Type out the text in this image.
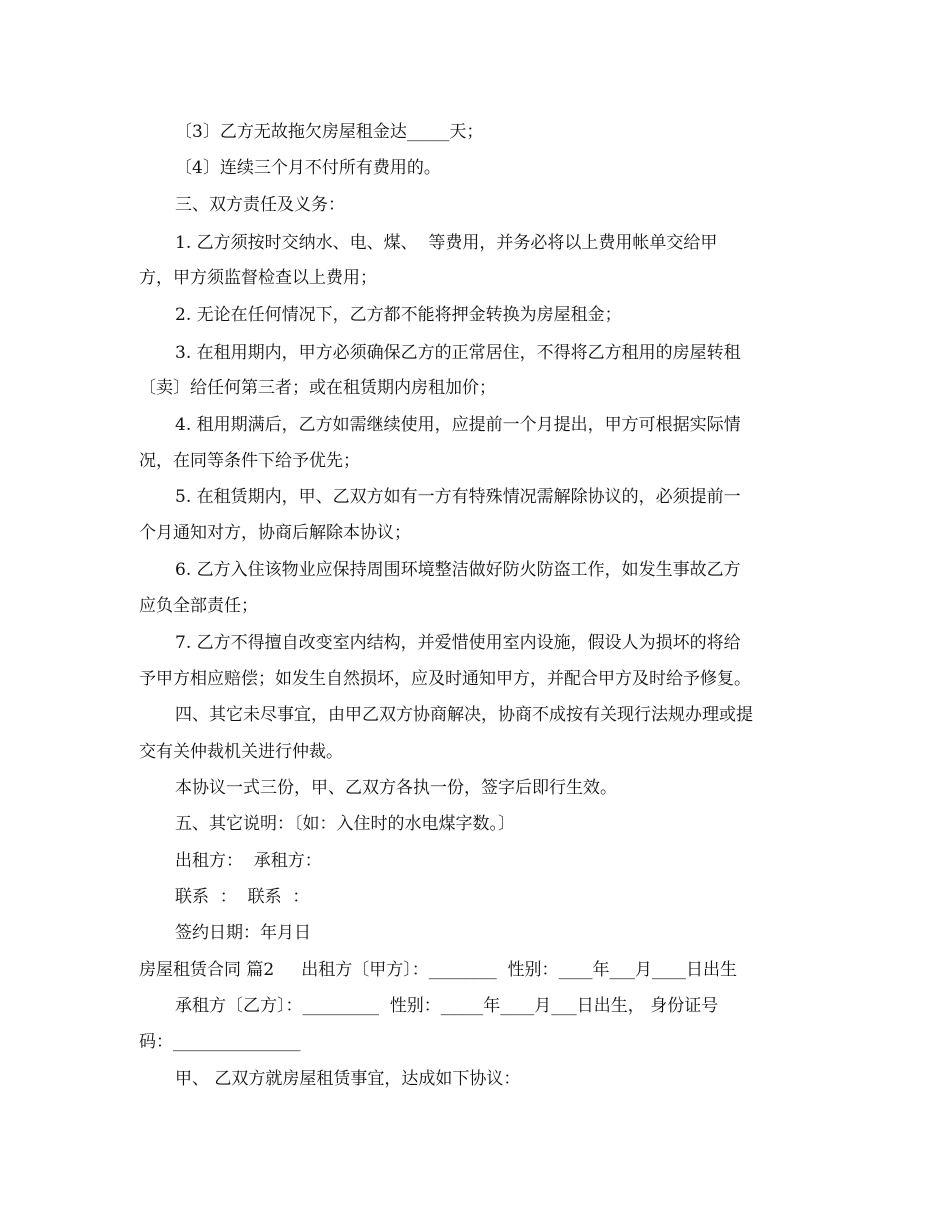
〔3〕乙方无故拖欠房屋租金达_____天；
〔4〕连续三个月不付所有费用的。
三、双方责任及义务：
1. 乙方须按时交纳水、电、煤、  等费用，并务必将以上费用帐单交给甲
方，甲方须监督检查以上费用；
2. 无论在任何情况下，乙方都不能将押金转换为房屋租金；
3. 在租用期内，甲方必须确保乙方的正常居住，不得将乙方租用的房屋转租
〔卖〕给任何第三者；或在租赁期内房租加价；
4. 租用期满后，乙方如需继续使用，应提前一个月提出，甲方可根据实际情
况，在同等条件下给予优先；
5. 在租赁期内，甲、乙双方如有一方有特殊情况需解除协议的，必须提前一
个月通知对方，协商后解除本协议；
6. 乙方入住该物业应保持周围环境整洁做好防火防盗工作，如发生事故乙方
应负全部责任；
7. 乙方不得擅自改变室内结构，并爱惜使用室内设施，假设人为损坏的将给
予甲方相应赔偿；如发生自然损坏，应及时通知甲方，并配合甲方及时给予修复。
四、其它未尽事宜，由甲乙双方协商解决，协商不成按有关现行法规办理或提
交有关仲裁机关进行仲裁。
本协议一式三份，甲、乙双方各执一份，签字后即行生效。
五、其它说明：〔如：入住时的水电煤字数。〕
出租方：  承租方：
联系  ：  联系  ：
签约日期：年月日
房屋租赁合同 篇2     出租方〔甲方〕：________  性别：____年___月____日出生
承租方〔乙方〕：_________  性别：_____年____月___日出生， 身份证号
码：_______________
甲、 乙双方就房屋租赁事宜，达成如下协议：
